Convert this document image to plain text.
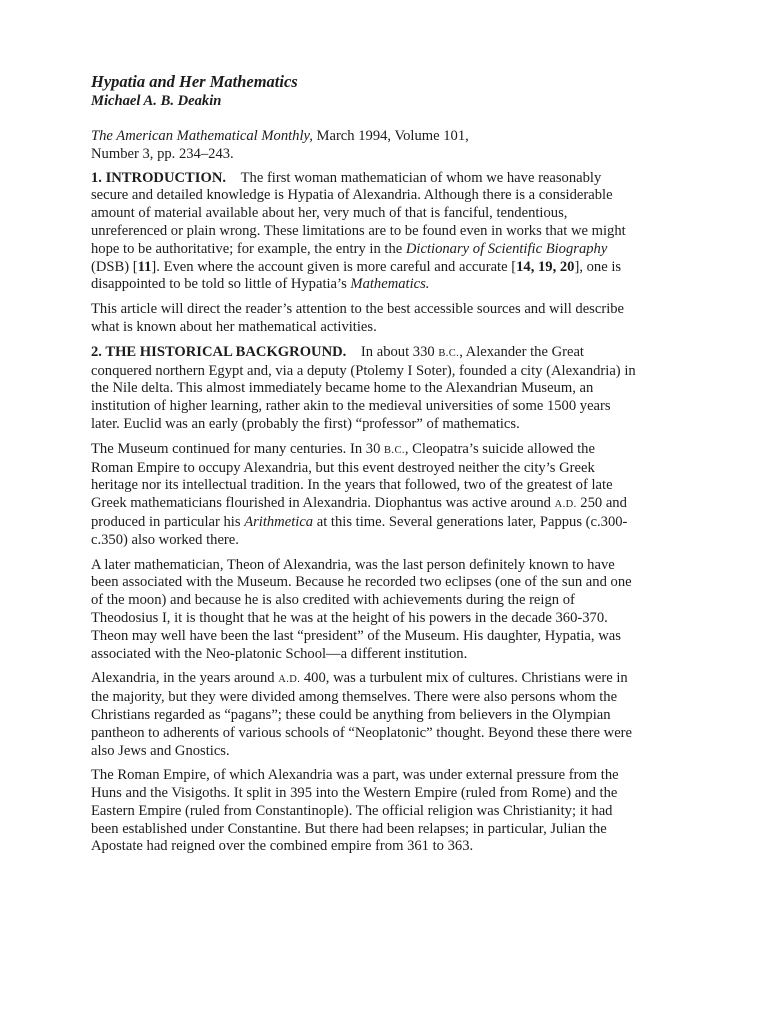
Hypatia and Her Mathematics
Michael A. B. Deakin

The American Mathematical Monthly, March 1994, Volume 101,
Number 3, pp. 234–243.

1. INTRODUCTION. The first woman mathematician of whom we have reasonably secure and detailed knowledge is Hypatia of Alexandria. Although there is a considerable amount of material available about her, very much of that is fanciful, tendentious, unreferenced or plain wrong. These limitations are to be found even in works that we might hope to be authoritative; for example, the entry in the Dictionary of Scientific Biography (DSB) [11]. Even where the account given is more careful and accurate [14, 19, 20], one is disappointed to be told so little of Hypatia’s Mathematics.

This article will direct the reader’s attention to the best accessible sources and will describe what is known about her mathematical activities.

2. THE HISTORICAL BACKGROUND. In about 330 B.C., Alexander the Great conquered northern Egypt and, via a deputy (Ptolemy I Soter), founded a city (Alexandria) in the Nile delta. This almost immediately became home to the Alexandrian Museum, an institution of higher learning, rather akin to the medieval universities of some 1500 years later. Euclid was an early (probably the first) “professor” of mathematics.

The Museum continued for many centuries. In 30 B.C., Cleopatra’s suicide allowed the Roman Empire to occupy Alexandria, but this event destroyed neither the city’s Greek heritage nor its intellectual tradition. In the years that followed, two of the greatest of late Greek mathematicians flourished in Alexandria. Diophantus was active around A.D. 250 and produced in particular his Arithmetica at this time. Several generations later, Pappus (c.300-c.350) also worked there.

A later mathematician, Theon of Alexandria, was the last person definitely known to have been associated with the Museum. Because he recorded two eclipses (one of the sun and one of the moon) and because he is also credited with achievements during the reign of Theodosius I, it is thought that he was at the height of his powers in the decade 360-370. Theon may well have been the last “president” of the Museum. His daughter, Hypatia, was associated with the Neo-platonic School—a different institution.

Alexandria, in the years around A.D. 400, was a turbulent mix of cultures. Christians were in the majority, but they were divided among themselves. There were also persons whom the Christians regarded as “pagans”; these could be anything from believers in the Olympian pantheon to adherents of various schools of “Neoplatonic” thought. Beyond these there were also Jews and Gnostics.

The Roman Empire, of which Alexandria was a part, was under external pressure from the Huns and the Visigoths. It split in 395 into the Western Empire (ruled from Rome) and the Eastern Empire (ruled from Constantinople). The official religion was Christianity; it had been established under Constantine. But there had been relapses; in particular, Julian the Apostate had reigned over the combined empire from 361 to 363.
